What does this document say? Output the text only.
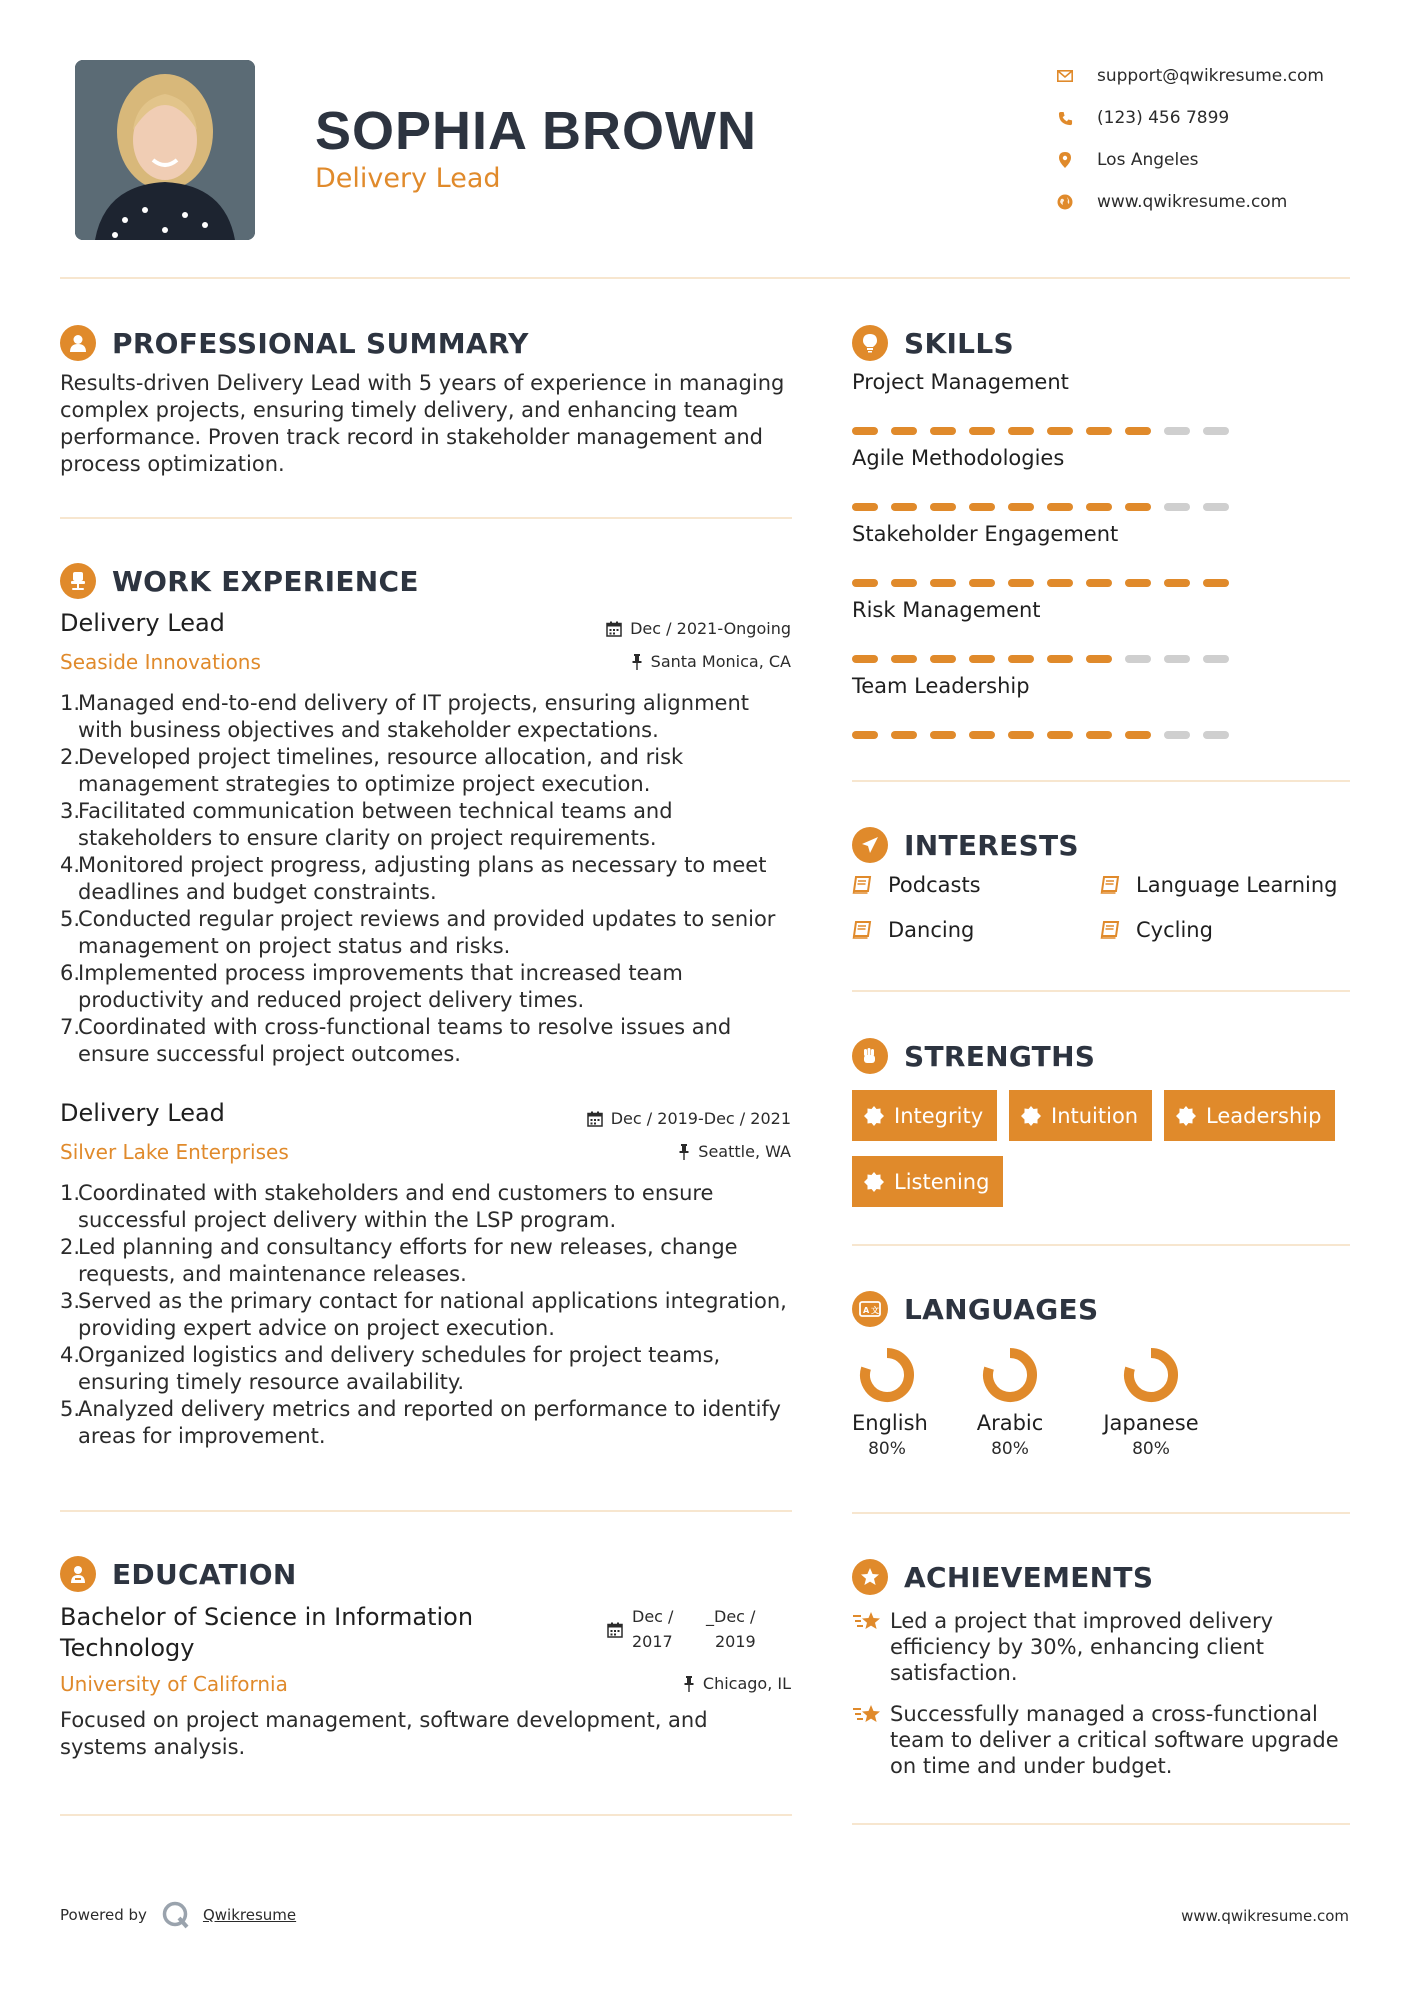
SOPHIA BROWN
Delivery Lead
support@qwikresume.com
(123) 456 7899
Los Angeles
www.qwikresume.com
PROFESSIONAL SUMMARY
Results-driven Delivery Lead with 5 years of experience in managing
complex projects, ensuring timely delivery, and enhancing team
performance. Proven track record in stakeholder management and
process optimization.
WORK EXPERIENCE
Delivery Lead	Dec / 2021-Ongoing
Seaside Innovations	Santa Monica, CA
1.
Managed end-to-end delivery of IT projects, ensuring alignment
with business objectives and stakeholder expectations.
2.
Developed project timelines, resource allocation, and risk
management strategies to optimize project execution.
3.
Facilitated communication between technical teams and
stakeholders to ensure clarity on project requirements.
4.
Monitored project progress, adjusting plans as necessary to meet
deadlines and budget constraints.
5.
Conducted regular project reviews and provided updates to senior
management on project status and risks.
6.
Implemented process improvements that increased team
productivity and reduced project delivery times.
7.
Coordinated with cross-functional teams to resolve issues and
ensure successful project outcomes.
Delivery Lead	Dec / 2019-Dec / 2021
Silver Lake Enterprises	Seattle, WA
1.
Coordinated with stakeholders and end customers to ensure
successful project delivery within the LSP program.
2.
Led planning and consultancy efforts for new releases, change
requests, and maintenance releases.
3.
Served as the primary contact for national applications integration,
providing expert advice on project execution.
4.
Organized logistics and delivery schedules for project teams,
ensuring timely resource availability.
5.
Analyzed delivery metrics and reported on performance to identify
areas for improvement.
EDUCATION
Bachelor of Science in Information
Technology
Dec /
2017
_Dec /
2019
University of California	Chicago, IL
Focused on project management, software development, and
systems analysis.
SKILLS
Project Management
Agile Methodologies
Stakeholder Engagement
Risk Management
Team Leadership
INTERESTS
Podcasts	Language Learning
Dancing	Cycling
STRENGTHS
Integrity	Intuition	Leadership
Listening
A 文 LANGUAGES
English
80%
Arabic
80%
Japanese
80%
ACHIEVEMENTS
Led a project that improved delivery
efficiency by 30%, enhancing client
satisfaction.
Successfully managed a cross-functional
team to deliver a critical software upgrade
on time and under budget.
Powered by	Qwikresume	www.qwikresume.com
